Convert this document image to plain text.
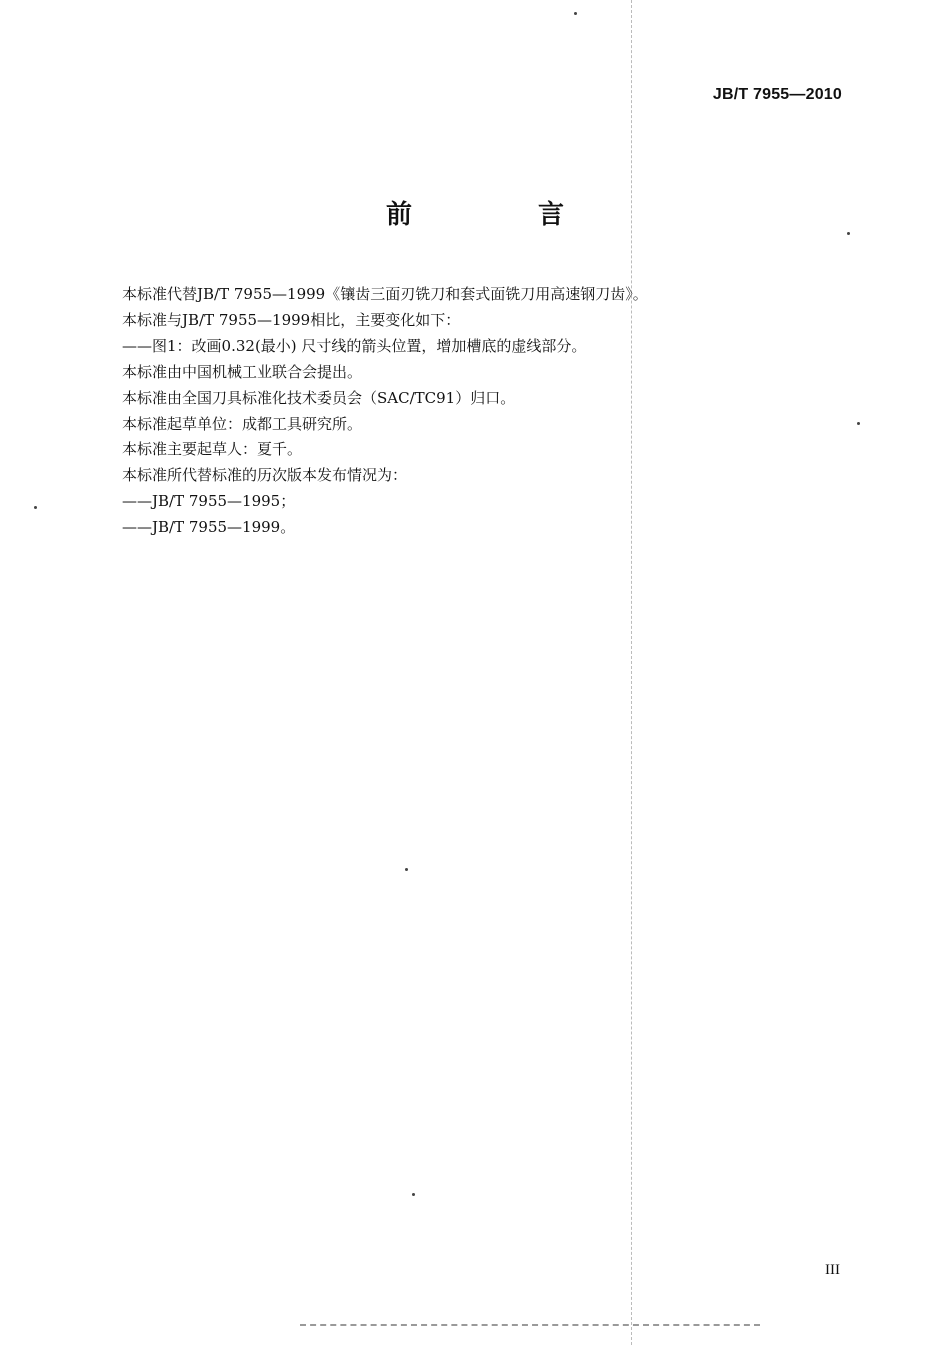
JB/T 7955—2010
前　言

本标准代替JB/T 7955—1999《镶齿三面刃铣刀和套式面铣刀用高速钢刀齿》。

本标准与JB/T 7955—1999相比，主要变化如下：

——图1：改画0.32(最小) 尺寸线的箭头位置，增加槽底的虚线部分。

本标准由中国机械工业联合会提出。

本标准由全国刀具标准化技术委员会（SAC/TC91）归口。

本标准起草单位：成都工具研究所。

本标准主要起草人：夏千。

本标准所代替标准的历次版本发布情况为：

——JB/T 7955—1995；

——JB/T 7955—1999。

III
